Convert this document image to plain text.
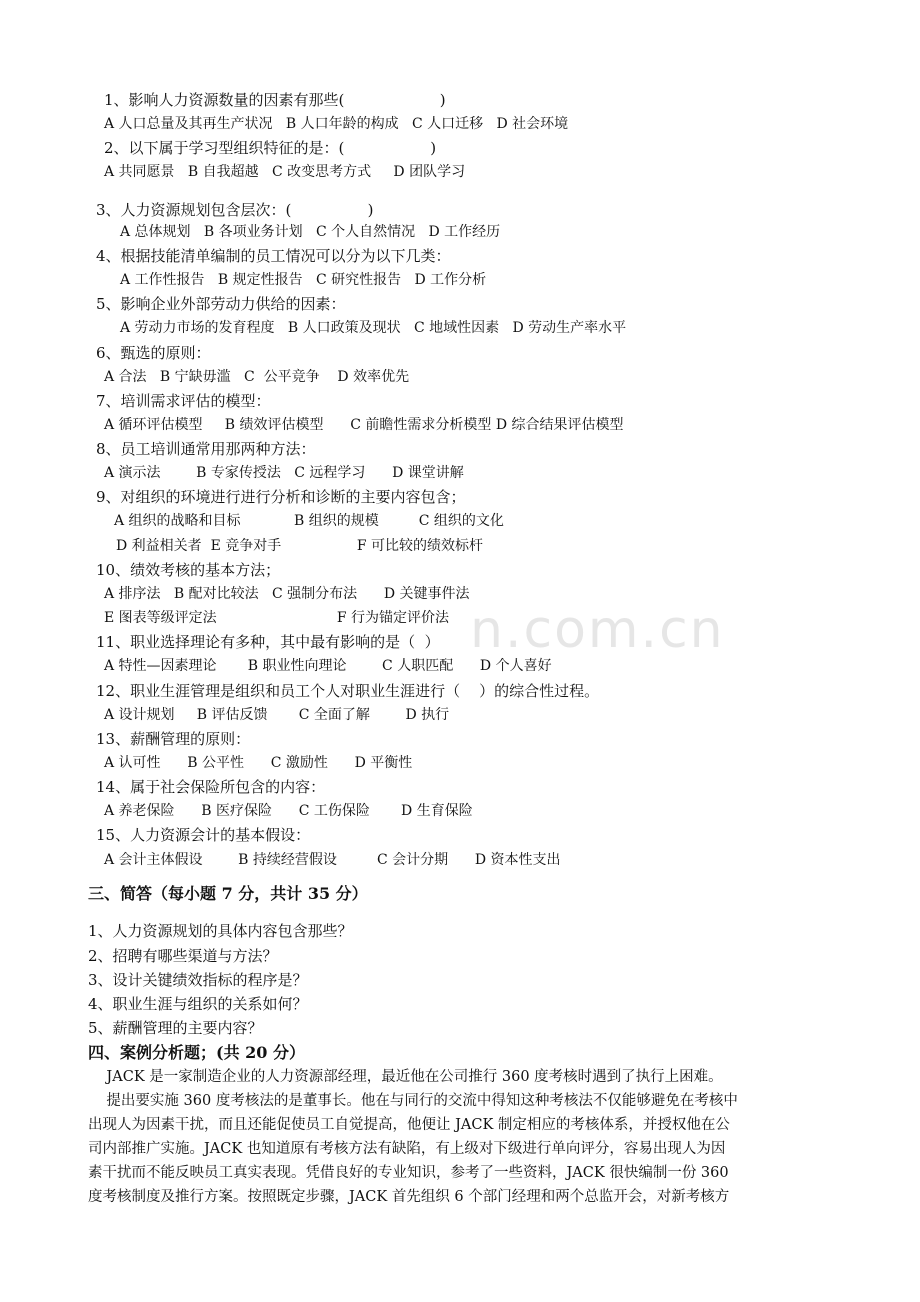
n.com.cn
1、影响人力资源数量的因素有那些(                    )
A 人口总量及其再生产状况   B 人口年龄的构成   C 人口迁移   D 社会环境
2、以下属于学习型组织特征的是：(                  )
A 共同愿景   B 自我超越   C 改变思考方式     D 团队学习
3、人力资源规划包含层次：(                )
A 总体规划   B 各项业务计划   C 个人自然情况   D 工作经历
4、根据技能清单编制的员工情况可以分为以下几类：
A 工作性报告   B 规定性报告   C 研究性报告   D 工作分析
5、影响企业外部劳动力供给的因素：
A 劳动力市场的发育程度   B 人口政策及现状   C 地域性因素   D 劳动生产率水平
6、甄选的原则：
A 合法   B 宁缺毋滥   C  公平竞争    D 效率优先
7、培训需求评估的模型：
A 循环评估模型     B 绩效评估模型      C 前瞻性需求分析模型 D 综合结果评估模型
8、员工培训通常用那两种方法：
A 演示法        B 专家传授法   C 远程学习      D 课堂讲解
9、对组织的环境进行进行分析和诊断的主要内容包含；
A 组织的战略和目标            B 组织的规模         C 组织的文化
D 利益相关者  E 竞争对手                 F 可比较的绩效标杆
10、绩效考核的基本方法；
A 排序法   B 配对比较法   C 强制分布法      D 关键事件法
E 图表等级评定法                           F 行为锚定评价法
11、职业选择理论有多种，其中最有影响的是（  ）
A 特性—因素理论       B 职业性向理论        C 人职匹配      D 个人喜好
12、职业生涯管理是组织和员工个人对职业生涯进行（    ）的综合性过程。
A 设计规划     B 评估反馈       C 全面了解        D 执行
13、薪酬管理的原则：
A 认可性      B 公平性      C 激励性      D 平衡性
14、属于社会保险所包含的内容：
A 养老保险      B 医疗保险      C 工伤保险       D 生育保险
15、人力资源会计的基本假设：
A 会计主体假设        B 持续经营假设         C 会计分期      D 资本性支出
三、简答（每小题 7 分，共计 35 分）
1、人力资源规划的具体内容包含那些？
2、招聘有哪些渠道与方法？
3、设计关键绩效指标的程序是？
4、职业生涯与组织的关系如何？
5、薪酬管理的主要内容？
四、案例分析题；(共 20 分）
JACK 是一家制造企业的人力资源部经理，最近他在公司推行 360 度考核时遇到了执行上困难。
提出要实施 360 度考核法的是董事长。他在与同行的交流中得知这种考核法不仅能够避免在考核中
出现人为因素干扰，而且还能促使员工自觉提高，他便让 JACK 制定相应的考核体系，并授权他在公
司内部推广实施。JACK 也知道原有考核方法有缺陷，有上级对下级进行单向评分，容易出现人为因
素干扰而不能反映员工真实表现。凭借良好的专业知识，参考了一些资料，JACK 很快编制一份 360
度考核制度及推行方案。按照既定步骤，JACK 首先组织 6 个部门经理和两个总监开会，对新考核方
